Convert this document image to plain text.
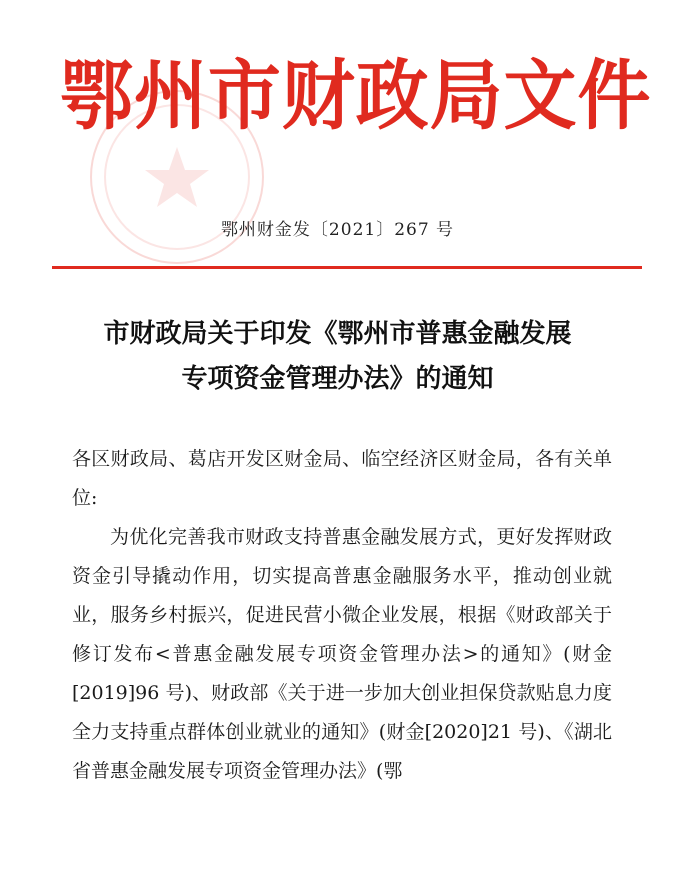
鄂州市财政局文件
鄂州财金发〔2021〕267 号
市财政局关于印发《鄂州市普惠金融发展
专项资金管理办法》的通知
各区财政局、葛店开发区财金局、临空经济区财金局，各有关单位:
为优化完善我市财政支持普惠金融发展方式，更好发挥财政资金引导撬动作用，切实提高普惠金融服务水平，推动创业就业，服务乡村振兴，促进民营小微企业发展，根据《财政部关于修订发布<普惠金融发展专项资金管理办法>的通知》(财金[2019]96 号)、财政部《关于进一步加大创业担保贷款贴息力度全力支持重点群体创业就业的通知》(财金[2020]21 号)、《湖北省普惠金融发展专项资金管理办法》(鄂
